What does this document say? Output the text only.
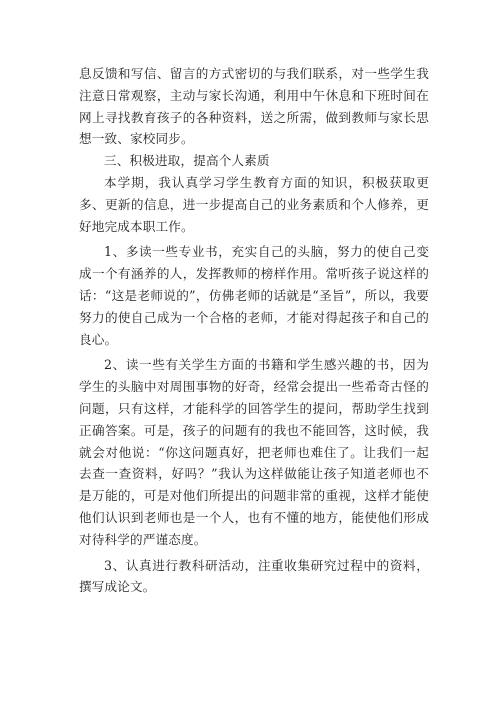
息反馈和写信、留言的方式密切的与我们联系，对一些学生我注意日常观察，主动与家长沟通，利用中午休息和下班时间在网上寻找教育孩子的各种资料，送之所需，做到教师与家长思想一致、家校同步。

三、积极进取，提高个人素质

本学期，我认真学习学生教育方面的知识，积极获取更多、更新的信息，进一步提高自己的业务素质和个人修养，更好地完成本职工作。

1、多读一些专业书，充实自己的头脑，努力的使自己变成一个有涵养的人，发挥教师的榜样作用。常听孩子说这样的话：“这是老师说的”，仿佛老师的话就是“圣旨”，所以，我要努力的使自己成为一个合格的老师，才能对得起孩子和自己的良心。

2、读一些有关学生方面的书籍和学生感兴趣的书，因为学生的头脑中对周围事物的好奇，经常会提出一些希奇古怪的问题，只有这样，才能科学的回答学生的提问，帮助学生找到正确答案。可是，孩子的问题有的我也不能回答，这时候，我就会对他说：“你这问题真好，把老师也难住了。让我们一起去查一查资料，好吗？”我认为这样做能让孩子知道老师也不是万能的，可是对他们所提出的问题非常的重视，这样才能使他们认识到老师也是一个人，也有不懂的地方，能使他们形成对待科学的严谨态度。

3、认真进行教科研活动，注重收集研究过程中的资料，撰写成论文。
